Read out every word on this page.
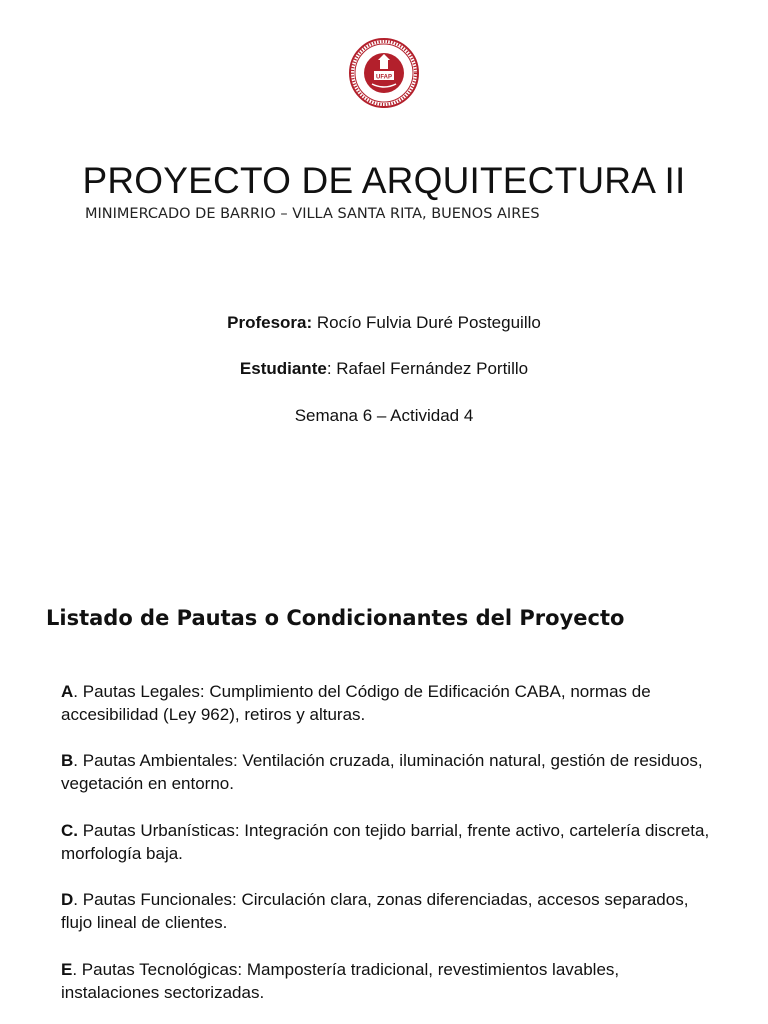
UFAP
PROYECTO DE ARQUITECTURA II
MINIMERCADO DE BARRIO – VILLA SANTA RITA, BUENOS AIRES
Profesora: Rocío Fulvia Duré Posteguillo
Estudiante: Rafael Fernández Portillo
Semana 6 – Actividad 4
Listado de Pautas o Condicionantes del Proyecto
A. Pautas Legales: Cumplimiento del Código de Edificación CABA, normas de accesibilidad (Ley 962), retiros y alturas.
B. Pautas Ambientales: Ventilación cruzada, iluminación natural, gestión de residuos, vegetación en entorno.
C. Pautas Urbanísticas: Integración con tejido barrial, frente activo, cartelería discreta, morfología baja.
D. Pautas Funcionales: Circulación clara, zonas diferenciadas, accesos separados, flujo lineal de clientes.
E. Pautas Tecnológicas: Mampostería tradicional, revestimientos lavables, instalaciones sectorizadas.
